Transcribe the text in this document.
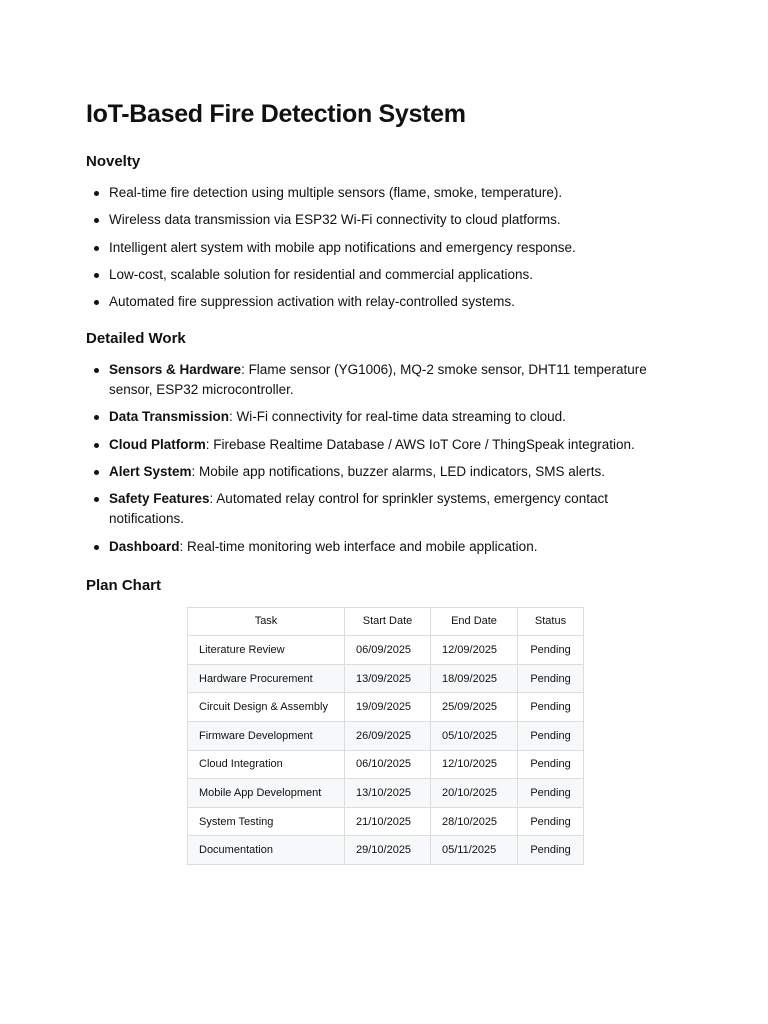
IoT-Based Fire Detection System
Novelty
Real-time fire detection using multiple sensors (flame, smoke, temperature).
Wireless data transmission via ESP32 Wi-Fi connectivity to cloud platforms.
Intelligent alert system with mobile app notifications and emergency response.
Low-cost, scalable solution for residential and commercial applications.
Automated fire suppression activation with relay-controlled systems.
Detailed Work
Sensors & Hardware: Flame sensor (YG1006), MQ-2 smoke sensor, DHT11 temperature sensor, ESP32 microcontroller.
Data Transmission: Wi-Fi connectivity for real-time data streaming to cloud.
Cloud Platform: Firebase Realtime Database / AWS IoT Core / ThingSpeak integration.
Alert System: Mobile app notifications, buzzer alarms, LED indicators, SMS alerts.
Safety Features: Automated relay control for sprinkler systems, emergency contact notifications.
Dashboard: Real-time monitoring web interface and mobile application.
Plan Chart
Task	Start Date	End Date	Status
Literature Review	06/09/2025	12/09/2025	Pending
Hardware Procurement	13/09/2025	18/09/2025	Pending
Circuit Design & Assembly	19/09/2025	25/09/2025	Pending
Firmware Development	26/09/2025	05/10/2025	Pending
Cloud Integration	06/10/2025	12/10/2025	Pending
Mobile App Development	13/10/2025	20/10/2025	Pending
System Testing	21/10/2025	28/10/2025	Pending
Documentation	29/10/2025	05/11/2025	Pending
